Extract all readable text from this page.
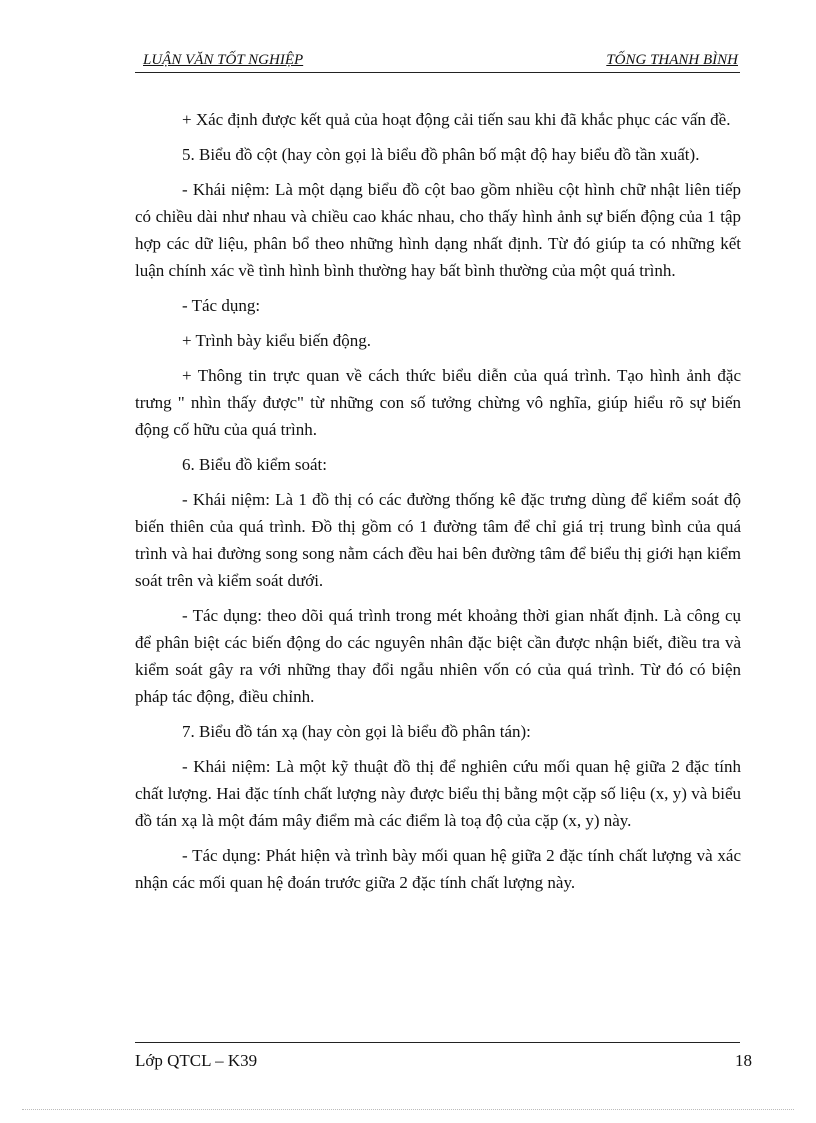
LUẬN VĂN TỐT NGHIỆP	TỐNG THANH BÌNH

+ Xác định được kết quả của hoạt động cải tiến sau khi đã khắc phục các vấn đề.

5. Biểu đồ cột (hay còn gọi là biểu đồ phân bố mật độ hay biểu đồ tần xuất).

- Khái niệm: Là một dạng biểu đồ cột bao gồm nhiều cột hình chữ nhật liên tiếp có chiều dài như nhau và chiều cao khác nhau, cho thấy hình ảnh sự biến động của 1 tập hợp các dữ liệu, phân bổ theo những hình dạng nhất định. Từ đó giúp ta có những kết luận chính xác về tình hình bình thường hay bất bình thường của một quá trình.

- Tác dụng:

+ Trình bày kiểu biến động.

+ Thông tin trực quan về cách thức biểu diễn của quá trình. Tạo hình ảnh đặc trưng " nhìn thấy được" từ những con số tưởng chừng vô nghĩa, giúp hiểu rõ sự biến động cố hữu của quá trình.

6. Biểu đồ kiểm soát:

- Khái niệm: Là 1 đồ thị có các đường thống kê đặc trưng dùng để kiểm soát độ biến thiên của quá trình. Đồ thị gồm có 1 đường tâm để chỉ giá trị trung bình của quá trình và hai đường song song nằm cách đều hai bên đường tâm để biểu thị giới hạn kiểm soát trên và kiểm soát dưới.

- Tác dụng: theo dõi quá trình trong mét khoảng thời gian nhất định. Là công cụ để phân biệt các biến động do các nguyên nhân đặc biệt cần được nhận biết, điều tra và kiểm soát gây ra với những thay đổi ngẫu nhiên vốn có của quá trình. Từ đó có biện pháp tác động, điều chỉnh.

7. Biểu đồ tán xạ (hay còn gọi là biểu đồ phân tán):

- Khái niệm: Là một kỹ thuật đồ thị để nghiên cứu mối quan hệ giữa 2 đặc tính chất lượng. Hai đặc tính chất lượng này được biểu thị bằng một cặp số liệu (x, y) và biểu đồ tán xạ là một đám mây điểm mà các điểm là toạ độ của cặp (x, y) này.

- Tác dụng: Phát hiện và trình bày mối quan hệ giữa 2 đặc tính chất lượng và xác nhận các mối quan hệ đoán trước giữa 2 đặc tính chất lượng này.

Lớp QTCL – K39	18
